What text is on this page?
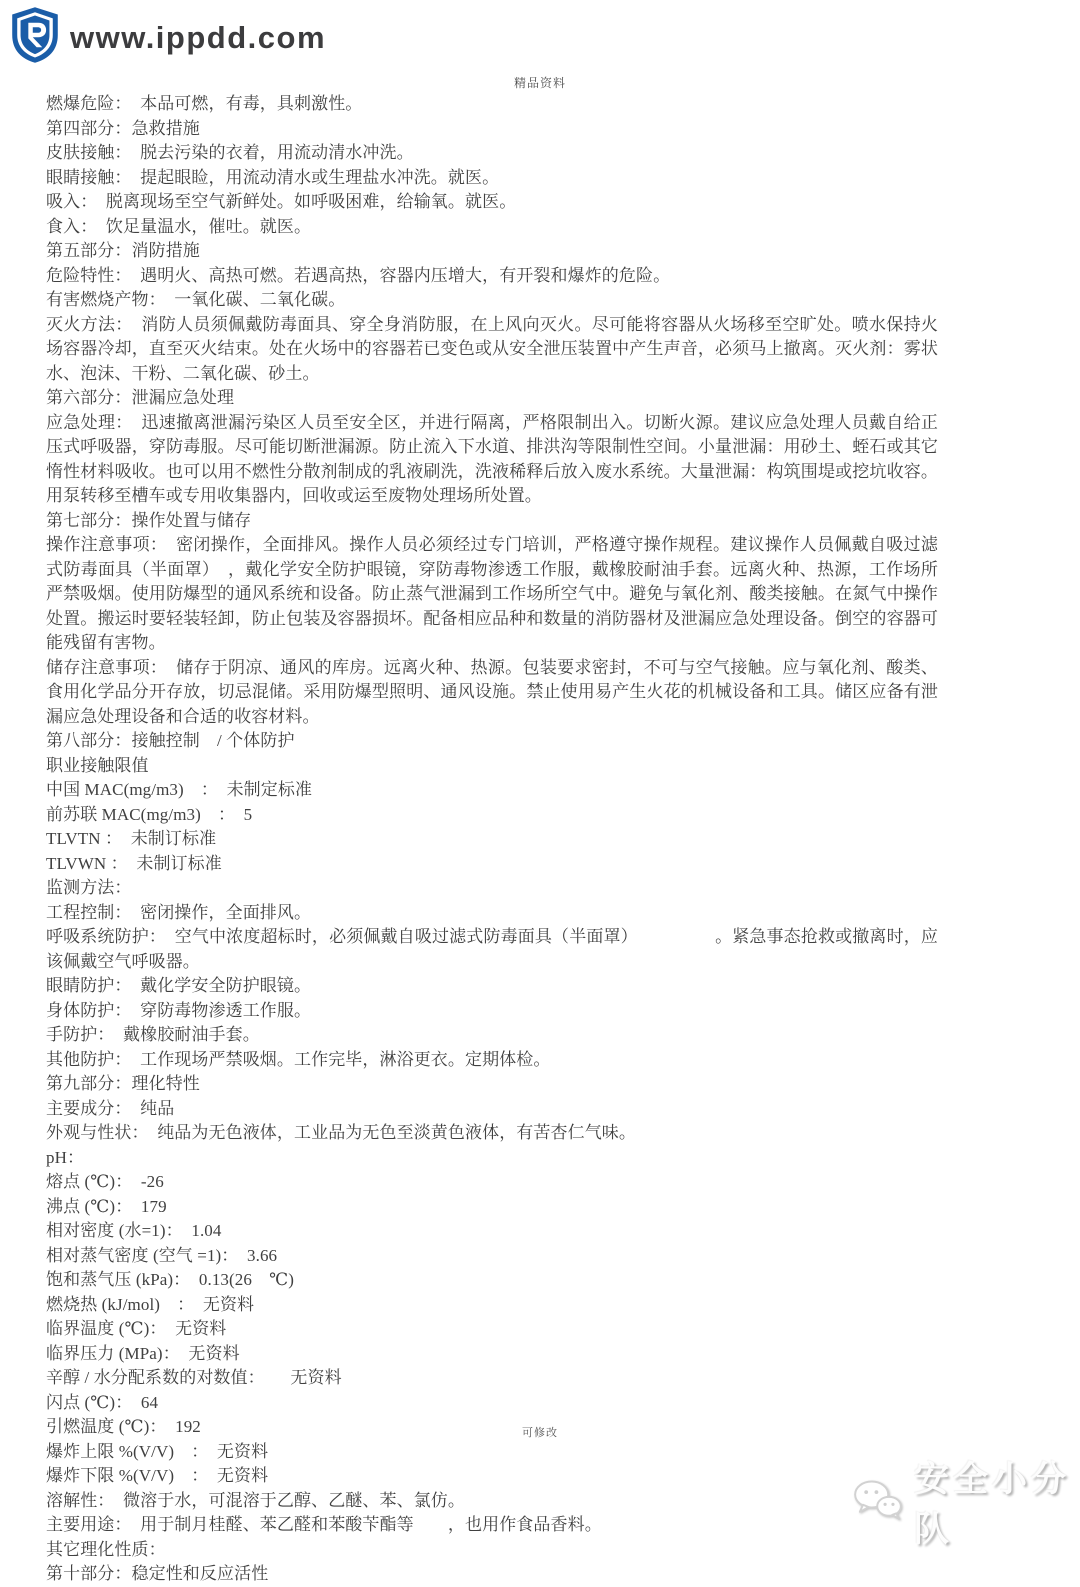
www.ippdd.com
精品资料

燃爆危险：　本品可燃，有毒，具刺激性。

第四部分：急救措施

皮肤接触：　脱去污染的衣着，用流动清水冲洗。

眼睛接触：　提起眼睑，用流动清水或生理盐水冲洗。就医。

吸入：　脱离现场至空气新鲜处。如呼吸困难，给输氧。就医。

食入：　饮足量温水，催吐。就医。

第五部分：消防措施

危险特性：　遇明火、高热可燃。若遇高热，容器内压增大，有开裂和爆炸的危险。

有害燃烧产物：　一氧化碳、二氧化碳。

灭火方法：　消防人员须佩戴防毒面具、穿全身消防服，在上风向灭火。尽可能将容器从火场移至空旷处。喷水保持火场容器冷却，直至灭火结束。处在火场中的容器若已变色或从安全泄压装置中产生声音，必须马上撤离。灭火剂：雾状水、泡沫、干粉、二氧化碳、砂土。

第六部分：泄漏应急处理

应急处理：　迅速撤离泄漏污染区人员至安全区，并进行隔离，严格限制出入。切断火源。建议应急处理人员戴自给正压式呼吸器，穿防毒服。尽可能切断泄漏源。防止流入下水道、排洪沟等限制性空间。小量泄漏：用砂土、蛭石或其它惰性材料吸收。也可以用不燃性分散剂制成的乳液刷洗，洗液稀释后放入废水系统。大量泄漏：构筑围堤或挖坑收容。用泵转移至槽车或专用收集器内，回收或运至废物处理场所处置。

第七部分：操作处置与储存

操作注意事项：　密闭操作，全面排风。操作人员必须经过专门培训，严格遵守操作规程。建议操作人员佩戴自吸过滤式防毒面具（半面罩）　，戴化学安全防护眼镜，穿防毒物渗透工作服，戴橡胶耐油手套。远离火种、热源，工作场所严禁吸烟。使用防爆型的通风系统和设备。防止蒸气泄漏到工作场所空气中。避免与氧化剂、酸类接触。在氮气中操作处置。搬运时要轻装轻卸，防止包装及容器损坏。配备相应品种和数量的消防器材及泄漏应急处理设备。倒空的容器可能残留有害物。

储存注意事项：　储存于阴凉、通风的库房。远离火种、热源。包装要求密封，不可与空气接触。应与氧化剂、酸类、食用化学品分开存放，切忌混储。采用防爆型照明、通风设施。禁止使用易产生火花的机械设备和工具。储区应备有泄漏应急处理设备和合适的收容材料。

第八部分：接触控制　/ 个体防护

职业接触限值

中国 MAC(mg/m3)　：　未制定标准

前苏联 MAC(mg/m3)　：　5

TLVTN ：　未制订标准

TLVWN ：　未制订标准

监测方法：

工程控制：　密闭操作，全面排风。

呼吸系统防护：　空气中浓度超标时，必须佩戴自吸过滤式防毒面具（半面罩）　　　　　。紧急事态抢救或撤离时，应该佩戴空气呼吸器。

眼睛防护：　戴化学安全防护眼镜。

身体防护：　穿防毒物渗透工作服。

手防护：　戴橡胶耐油手套。

其他防护：　工作现场严禁吸烟。工作完毕，淋浴更衣。定期体检。

第九部分：理化特性

主要成分：　纯品

外观与性状：　纯品为无色液体，工业品为无色至淡黄色液体，有苦杏仁气味。

pH：

熔点 (℃)：　-26

沸点 (℃)：　179

相对密度 (水=1)：　1.04

相对蒸气密度 (空气 =1)：　3.66

饱和蒸气压 (kPa)：　0.13(26　℃)

燃烧热 (kJ/mol)　：　无资料

临界温度 (℃)：　无资料

临界压力 (MPa)：　无资料

辛醇 / 水分配系数的对数值：　　无资料

闪点 (℃)：　64

引燃温度 (℃)：　192

爆炸上限 %(V/V)　：　无资料

爆炸下限 %(V/V)　：　无资料

溶解性：　微溶于水，可混溶于乙醇、乙醚、苯、氯仿。

主要用途：　用于制月桂醛、苯乙醛和苯酸苄酯等　　，也用作食品香料。

其它理化性质：

第十部分：稳定性和反应活性

可修改
安全小分队
